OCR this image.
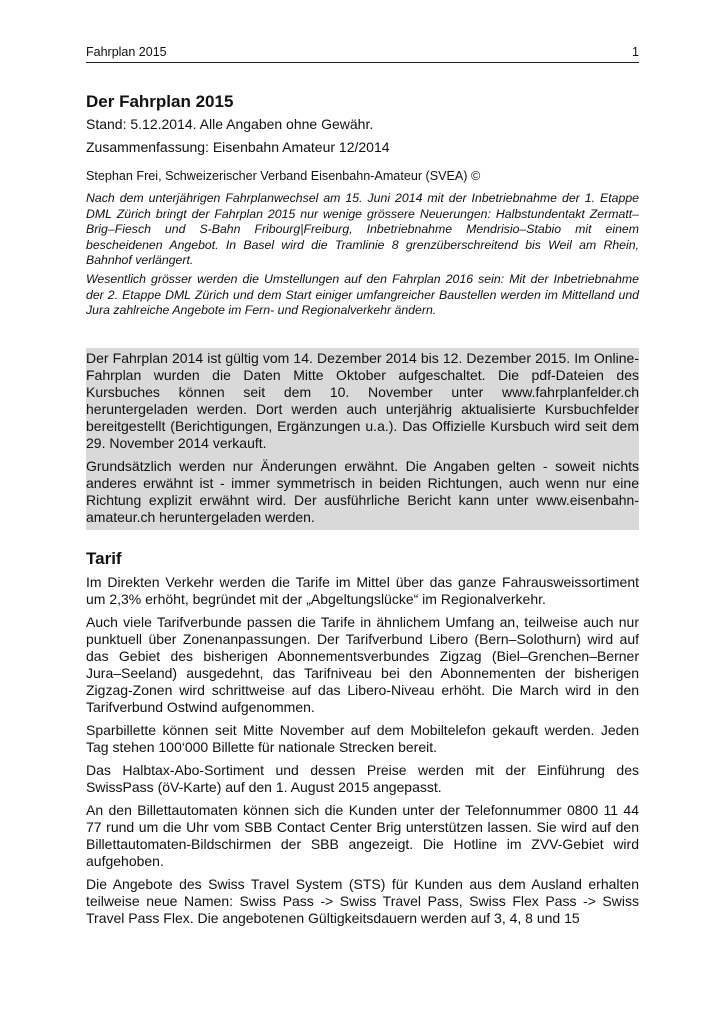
Fahrplan 2015	1
Der Fahrplan 2015

Stand: 5.12.2014. Alle Angaben ohne Gewähr.

Zusammenfassung: Eisenbahn Amateur 12/2014

Stephan Frei, Schweizerischer Verband Eisenbahn-Amateur (SVEA) ©

Nach dem unterjährigen Fahrplanwechsel am 15. Juni 2014 mit der Inbetriebnahme der 1. Etappe DML Zürich bringt der Fahrplan 2015 nur wenige grössere Neuerungen: Halbstundentakt Zermatt–Brig–Fiesch und S-Bahn Fribourg|Freiburg, Inbetriebnahme Mendrisio–Stabio mit einem bescheidenen Angebot. In Basel wird die Tramlinie 8 grenzüberschreitend bis Weil am Rhein, Bahnhof verlängert.

Wesentlich grösser werden die Umstellungen auf den Fahrplan 2016 sein: Mit der Inbetriebnahme der 2. Etappe DML Zürich und dem Start einiger umfangreicher Baustellen werden im Mittelland und Jura zahlreiche Angebote im Fern- und Regionalverkehr ändern.

Der Fahrplan 2014 ist gültig vom 14. Dezember 2014 bis 12. Dezember 2015. Im Online-Fahrplan wurden die Daten Mitte Oktober aufgeschaltet. Die pdf-Dateien des Kursbuches können seit dem 10. November unter www.fahrplanfelder.ch heruntergeladen werden. Dort werden auch unterjährig aktualisierte Kursbuchfelder bereitgestellt (Berichtigungen, Ergänzungen u.a.). Das Offizielle Kursbuch wird seit dem 29. November 2014 verkauft.

Grundsätzlich werden nur Änderungen erwähnt. Die Angaben gelten - soweit nichts anderes erwähnt ist - immer symmetrisch in beiden Richtungen, auch wenn nur eine Richtung explizit erwähnt wird. Der ausführliche Bericht kann unter www.eisenbahn-amateur.ch heruntergeladen werden.

Tarif

Im Direkten Verkehr werden die Tarife im Mittel über das ganze Fahrausweissortiment um 2,3% erhöht, begründet mit der „Abgeltungslücke“ im Regionalverkehr.

Auch viele Tarifverbunde passen die Tarife in ähnlichem Umfang an, teilweise auch nur punktuell über Zonenanpassungen. Der Tarifverbund Libero (Bern–Solothurn) wird auf das Gebiet des bisherigen Abonnementsverbundes Zigzag (Biel–Grenchen–Berner Jura–Seeland) ausgedehnt, das Tarifniveau bei den Abonnementen der bisherigen Zigzag-Zonen wird schrittweise auf das Libero-Niveau erhöht. Die March wird in den Tarifverbund Ostwind aufgenommen.

Sparbillette können seit Mitte November auf dem Mobiltelefon gekauft werden. Jeden Tag stehen 100‘000 Billette für nationale Strecken bereit.

Das Halbtax-Abo-Sortiment und dessen Preise werden mit der Einführung des SwissPass (öV-Karte) auf den 1. August 2015 angepasst.

An den Billettautomaten können sich die Kunden unter der Telefonnummer 0800 11 44 77 rund um die Uhr vom SBB Contact Center Brig unterstützen lassen. Sie wird auf den Billettautomaten-Bildschirmen der SBB angezeigt. Die Hotline im ZVV-Gebiet wird aufgehoben.

Die Angebote des Swiss Travel System (STS) für Kunden aus dem Ausland erhalten teilweise neue Namen: Swiss Pass -> Swiss Travel Pass, Swiss Flex Pass -> Swiss Travel Pass Flex. Die angebotenen Gültigkeitsdauern werden auf 3, 4, 8 und 15
